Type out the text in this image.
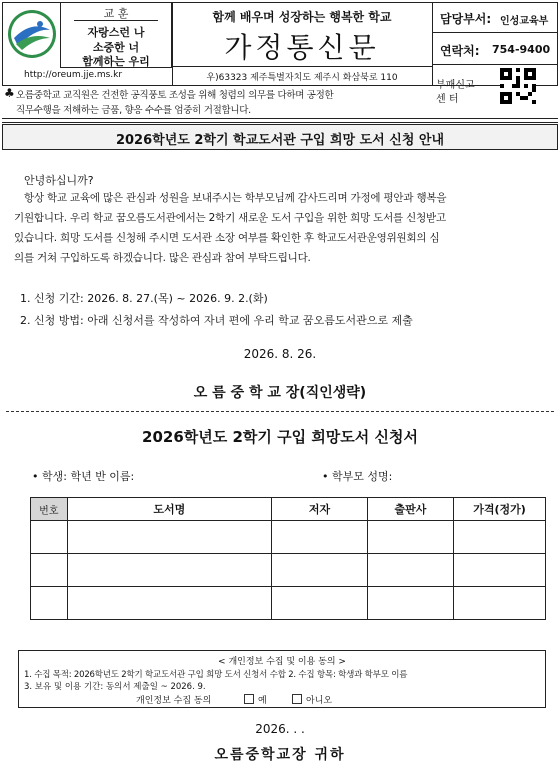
교 훈
자랑스런 나
소중한 너
함께하는 우리
http://oreum.jje.ms.kr
함께 배우며 성장하는 행복한 학교
가정통신문
우)63323 제주특별자치도 제주시 화삼북로 110
담당부서: 인성교육부
연락처: 754-9400
부패신고
센 터
♣ 오름중학교 교직원은 건전한 공직풍토 조성을 위해 청렴의 의무를 다하며 공정한
직무수행을 저해하는 금품, 향응 수수를 엄중히 거절합니다.
2026학년도 2학기 학교도서관 구입 희망 도서 신청 안내
안녕하십니까?
항상 학교 교육에 많은 관심과 성원을 보내주시는 학부모님께 감사드리며 가정에 평안과 행복을
기원합니다. 우리 학교 꿈오름도서관에서는 2학기 새로운 도서 구입을 위한 희망 도서를 신청받고
있습니다. 희망 도서를 신청해 주시면 도서관 소장 여부를 확인한 후 학교도서관운영위원회의 심
의를 거쳐 구입하도록 하겠습니다. 많은 관심과 참여 부탁드립니다.
1. 신청 기간: 2026. 8. 27.(목) ~ 2026. 9. 2.(화)
2. 신청 방법: 아래 신청서를 작성하여 자녀 편에 우리 학교 꿈오름도서관으로 제출
2026. 8. 26.
오 름 중 학 교 장(직인생략)
2026학년도 2학기 구입 희망도서 신청서
• 학생: 학년 반 이름:	• 학부모 성명:
번호	도서명	저자	출판사	가격(정가)

< 개인정보 수집 및 이용 동의 >
1. 수집 목적: 2026학년도 2학기 학교도서관 구입 희망 도서 신청서 수합 2. 수집 항목: 학생과 학부모 이름
3. 보유 및 이용 기간: 동의서 제출일 ~ 2026. 9.
개인정보 수집 동의	예	아니오
2026. . .
오름중학교장 귀하
